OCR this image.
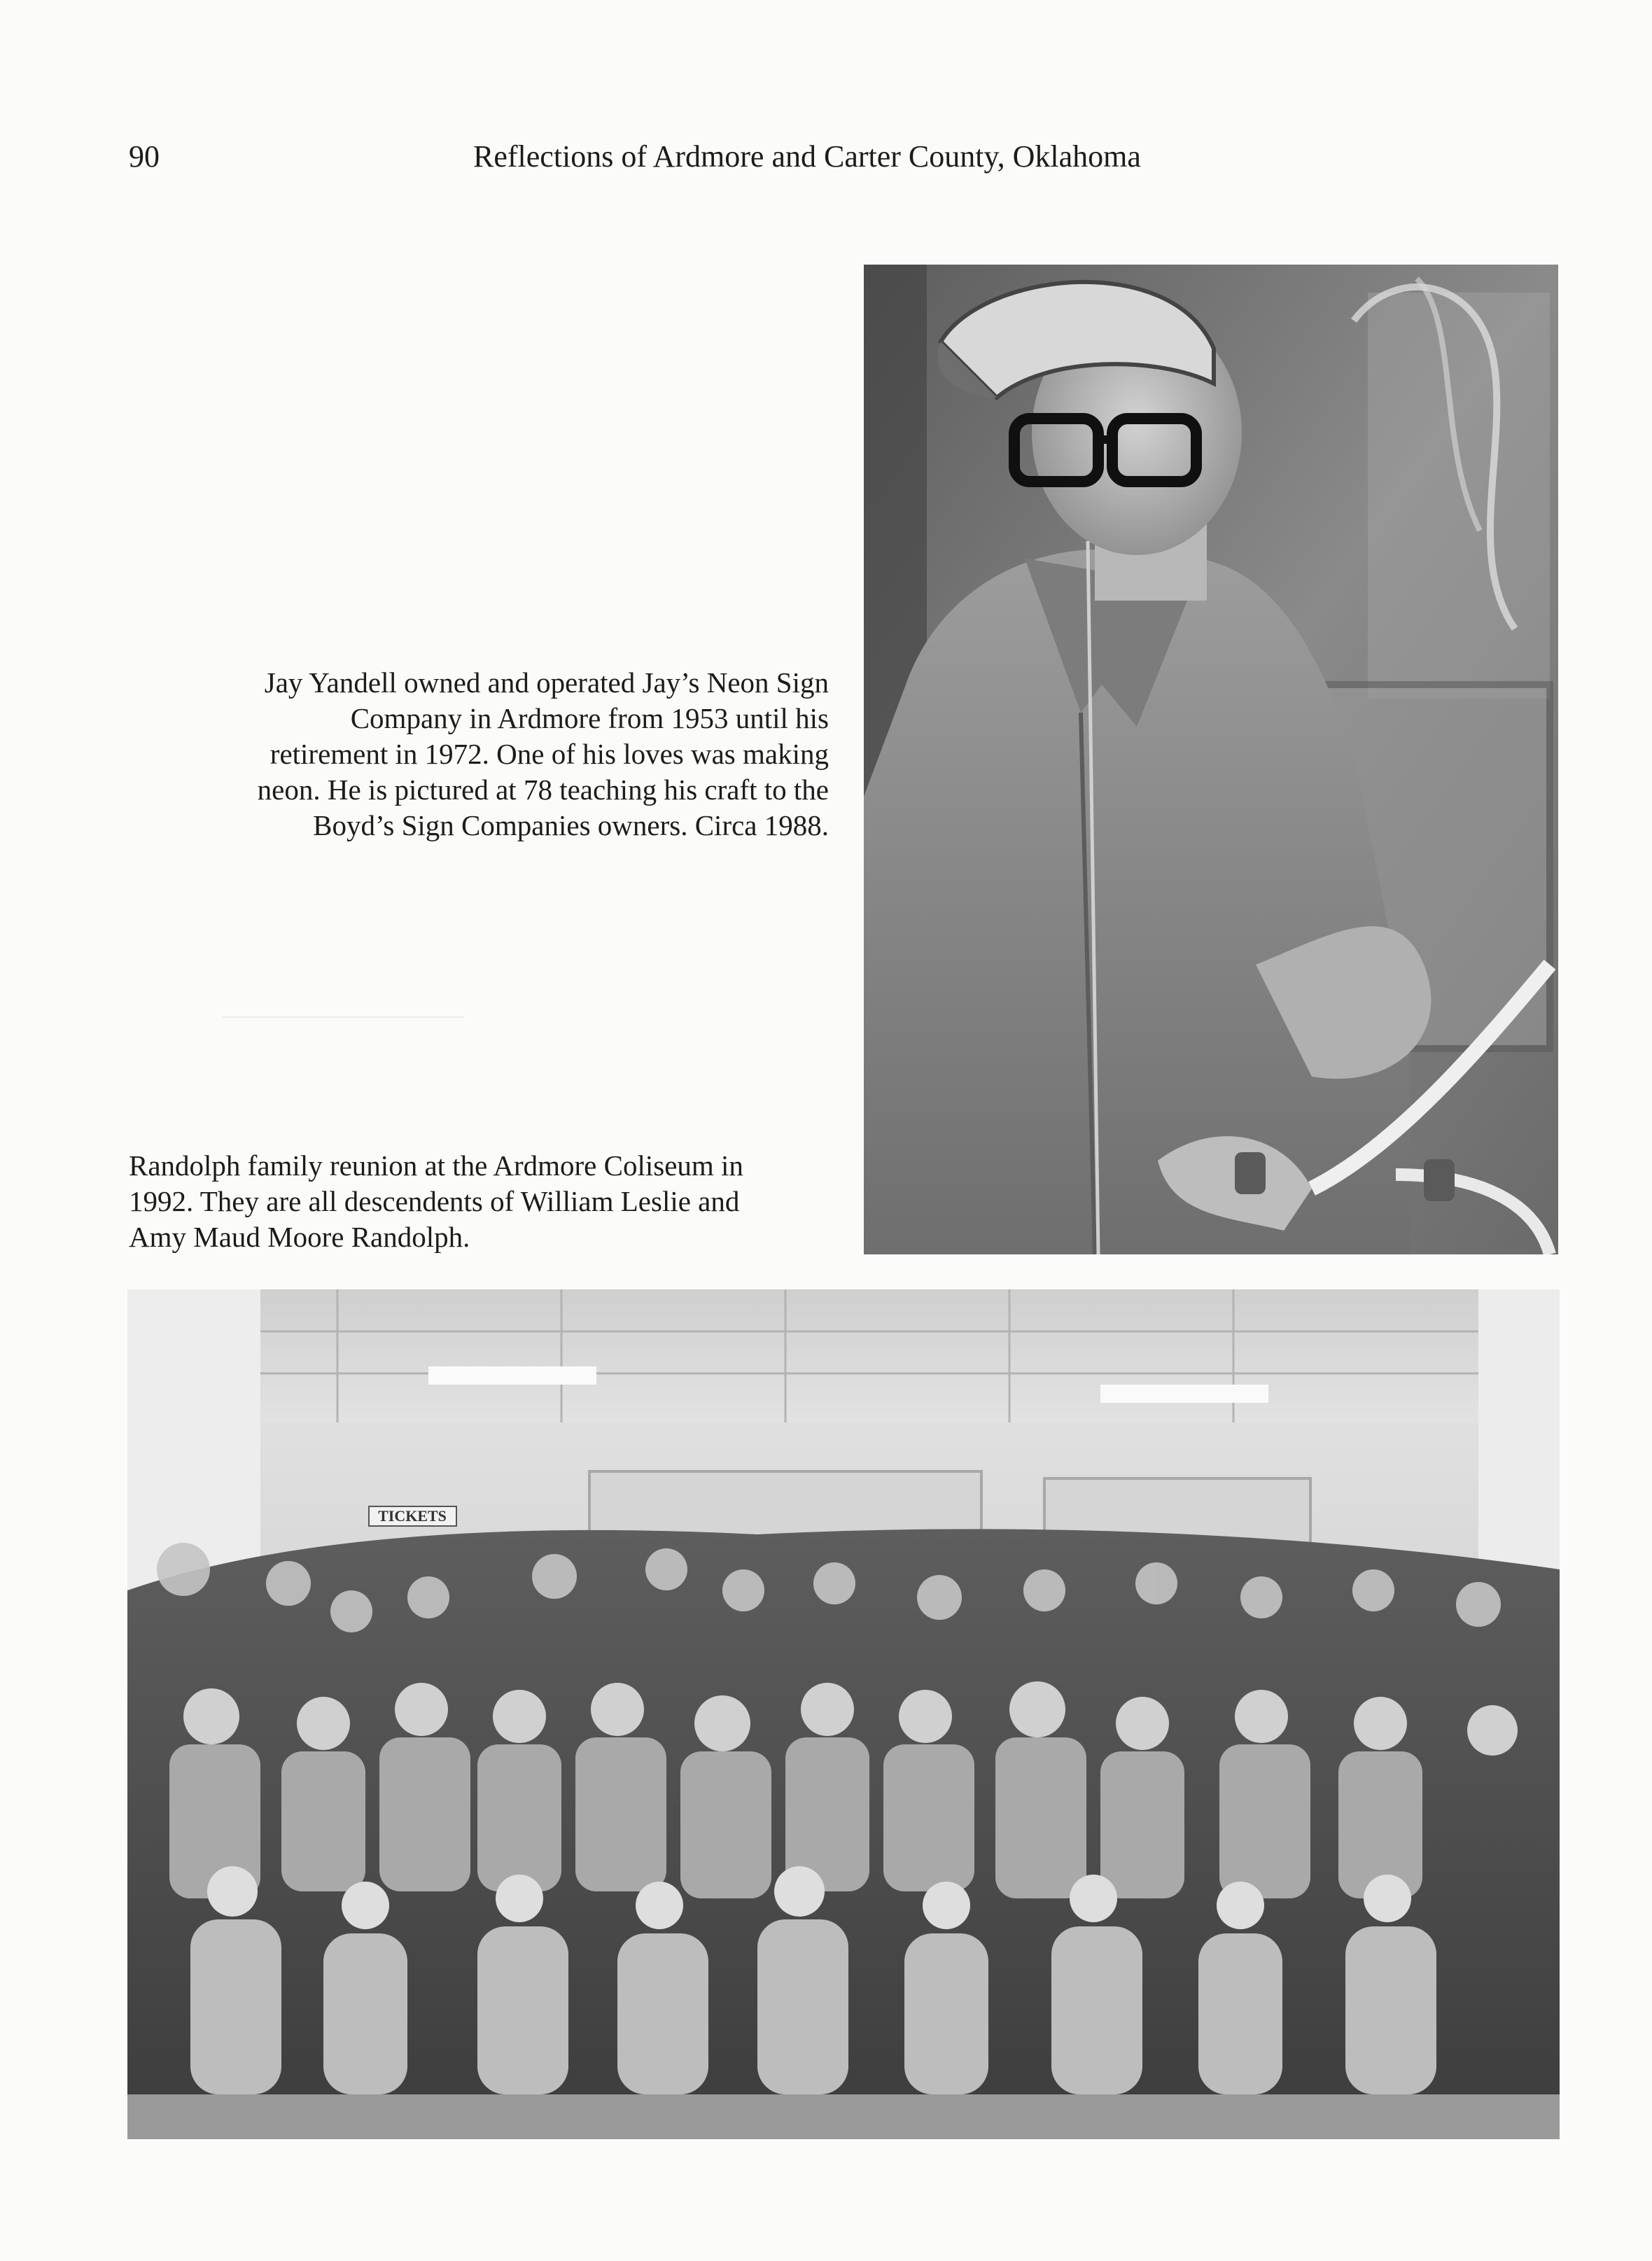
90	Reflections of Ardmore and Carter County, Oklahoma

Jay Yandell owned and operated Jay’s Neon Sign
Company in Ardmore from 1953 until his
retirement in 1972. One of his loves was making
neon. He is pictured at 78 teaching his craft to the
Boyd’s Sign Companies owners. Circa 1988.

Randolph family reunion at the Ardmore Coliseum in
1992. They are all descendents of William Leslie and
Amy Maud Moore Randolph.

TICKETS
